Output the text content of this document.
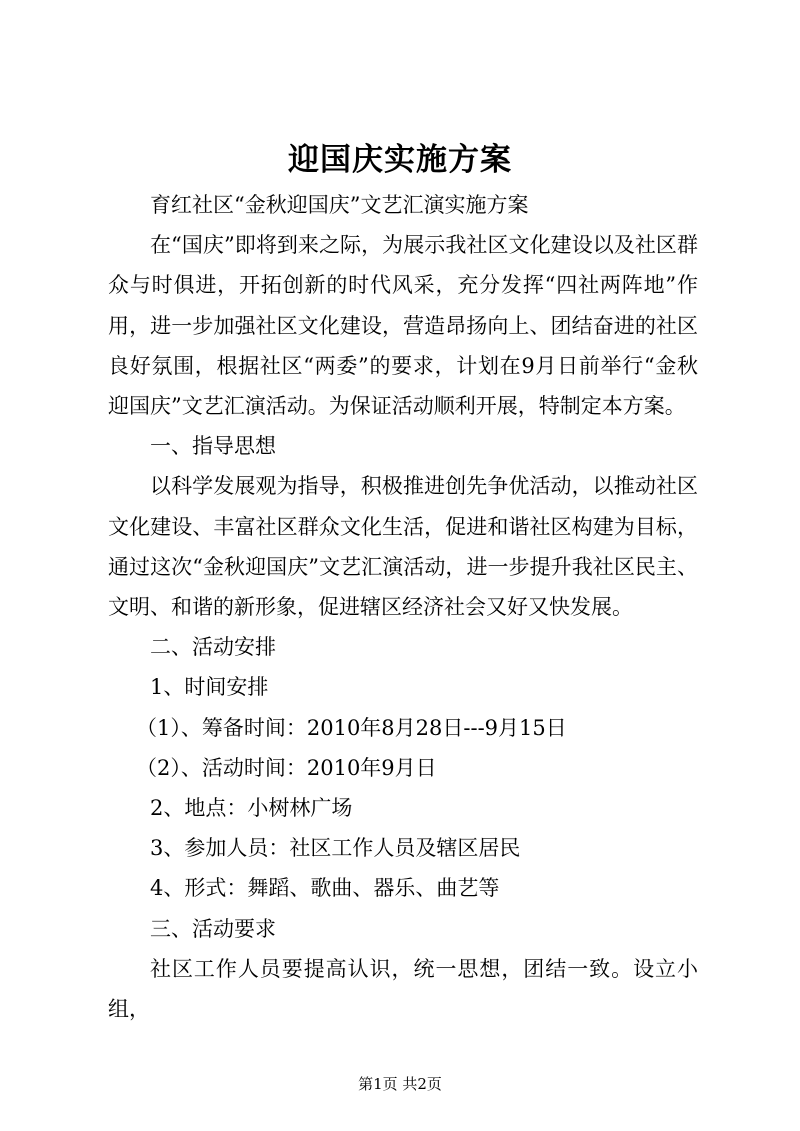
迎国庆实施方案

育红社区“金秋迎国庆”文艺汇演实施方案

在“国庆”即将到来之际，为展示我社区文化建设以及社区群众与时俱进，开拓创新的时代风采，充分发挥“四社两阵地”作用，进一步加强社区文化建设，营造昂扬向上、团结奋进的社区良好氛围，根据社区“两委”的要求，计划在9月日前举行“金秋迎国庆”文艺汇演活动。为保证活动顺利开展，特制定本方案。

一、指导思想

以科学发展观为指导，积极推进创先争优活动，以推动社区文化建设、丰富社区群众文化生活，促进和谐社区构建为目标，通过这次“金秋迎国庆”文艺汇演活动，进一步提升我社区民主、文明、和谐的新形象，促进辖区经济社会又好又快发展。

二、活动安排

1、时间安排

（1）、筹备时间：2010年8月28日---9月15日

（2）、活动时间：2010年9月日

2、地点：小树林广场

3、参加人员：社区工作人员及辖区居民

4、形式：舞蹈、歌曲、器乐、曲艺等

三、活动要求

社区工作人员要提高认识，统一思想，团结一致。设立小组，

第1页 共2页
